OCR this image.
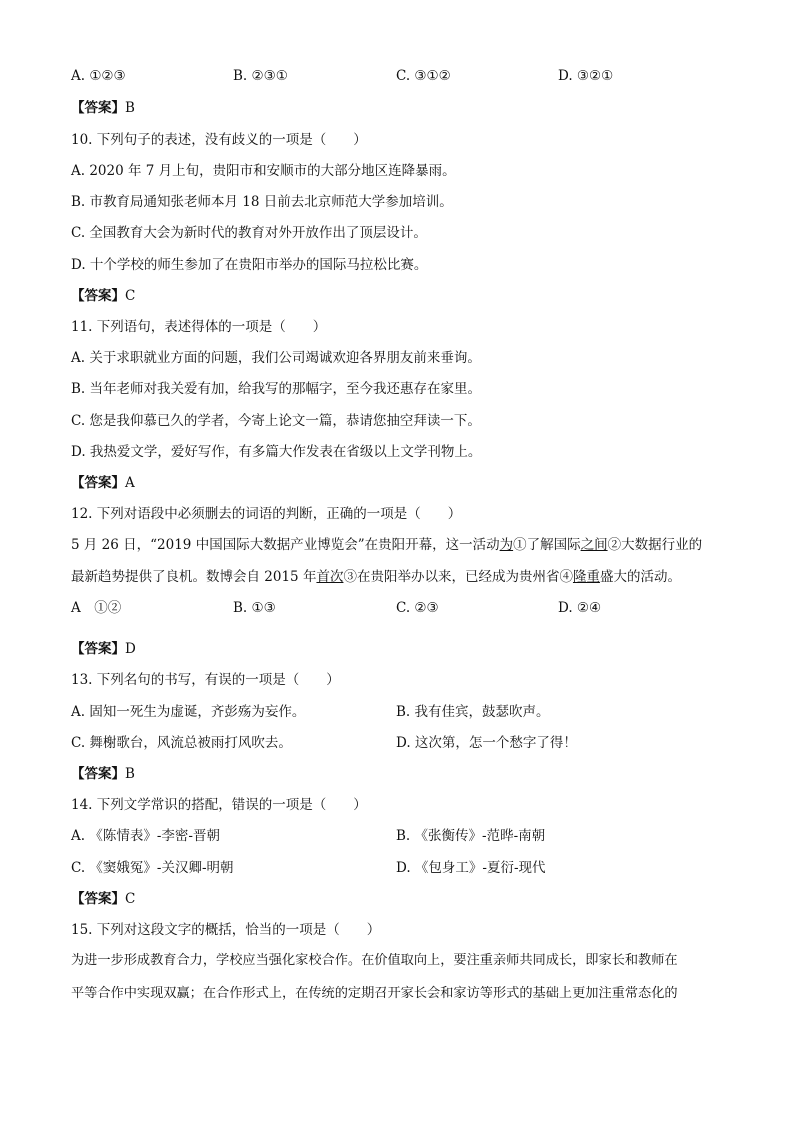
A. ①②③	B. ②③①	C. ③①②	D. ③②①
【答案】B
10. 下列句子的表述，没有歧义的一项是（　　）
A. 2020 年 7 月上旬，贵阳市和安顺市的大部分地区连降暴雨。
B. 市教育局通知张老师本月 18 日前去北京师范大学参加培训。
C. 全国教育大会为新时代的教育对外开放作出了顶层设计。
D. 十个学校的师生参加了在贵阳市举办的国际马拉松比赛。
【答案】C
11. 下列语句，表述得体的一项是（　　）
A. 关于求职就业方面的问题，我们公司竭诚欢迎各界朋友前来垂询。
B. 当年老师对我关爱有加，给我写的那幅字，至今我还惠存在家里。
C. 您是我仰慕已久的学者，今寄上论文一篇，恭请您抽空拜读一下。
D. 我热爱文学，爱好写作，有多篇大作发表在省级以上文学刊物上。
【答案】A
12. 下列对语段中必须删去的词语的判断，正确的一项是（　　）
5 月 26 日，“2019 中国国际大数据产业博览会”在贵阳开幕，这一活动为①了解国际之间②大数据行业的
最新趋势提供了良机。数博会自 2015 年首次③在贵阳举办以来，已经成为贵州省④隆重盛大的活动。
A　①②	B. ①③	C. ②③	D. ②④
【答案】D
13. 下列名句的书写，有误的一项是（　　）
A. 固知一死生为虚诞，齐彭殇为妄作。	B. 我有佳宾，鼓瑟吹声。
C. 舞榭歌台，风流总被雨打风吹去。	D. 这次第，怎一个愁字了得！
【答案】B
14. 下列文学常识的搭配，错误的一项是（　　）
A. 《陈情表》-李密-晋朝	B. 《张衡传》-范晔-南朝
C. 《窦娥冤》-关汉卿-明朝	D. 《包身工》-夏衍-现代
【答案】C
15. 下列对这段文字的概括，恰当的一项是（　　）
为进一步形成教育合力，学校应当强化家校合作。在价值取向上，要注重亲师共同成长，即家长和教师在
平等合作中实现双赢；在合作形式上，在传统的定期召开家长会和家访等形式的基础上更加注重常态化的
